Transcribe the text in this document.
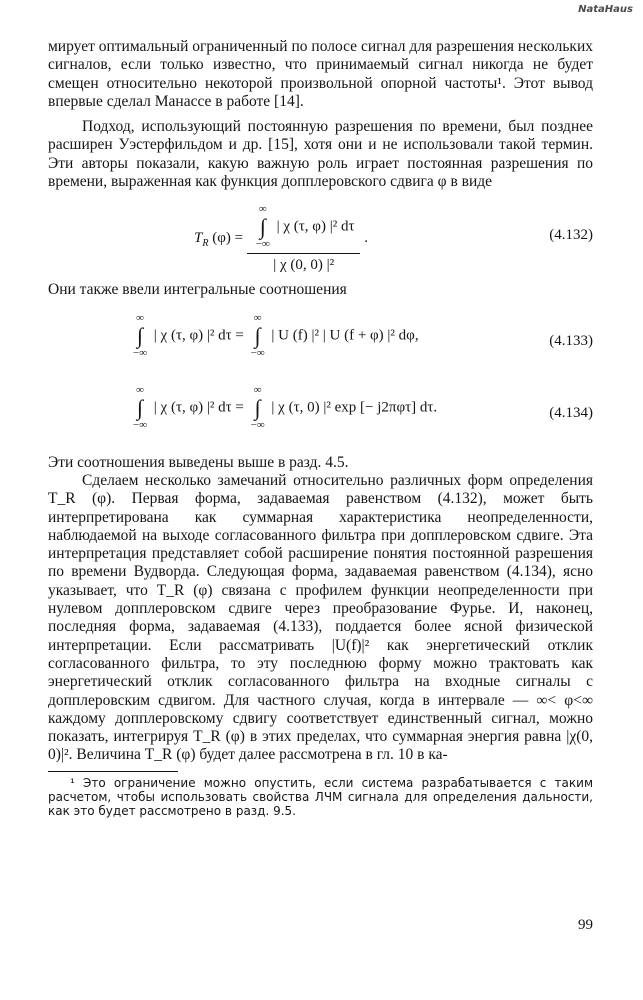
NataHaus

мирует оптимальный ограниченный по полосе сигнал для разрешения нескольких сигналов, если только известно, что принимаемый сигнал никогда не будет смещен относительно некоторой произвольной опорной частоты¹. Этот вывод впервые сделал Манассе в работе [14].

Подход, использующий постоянную разрешения по времени, был позднее расширен Уэстерфильдом и др. [15], хотя они и не использовали такой термин. Эти авторы показали, какую важную роль играет постоянная разрешения по времени, выраженная как функция допплеровского сдвига φ в виде

$T_R$ (φ) =
∞
∫
−∞
| χ (τ, φ) |² dτ
| χ (0, 0) |²
.	(4.132)

Они также ввели интегральные соотношения

∞
∫
−∞
| χ (τ, φ) |² dτ =
∞
∫
−∞
| U (f) |² | U (f + φ) |² dφ,	(4.133)
∞
∫
−∞
| χ (τ, φ) |² dτ =
∞
∫
−∞
| χ (τ, 0) |² exp [− j2πφτ] dτ.	(4.134)

Эти соотношения выведены выше в разд. 4.5.

Сделаем несколько замечаний относительно различных форм определения T_R (φ). Первая форма, задаваемая равенством (4.132), может быть интерпретирована как суммарная характеристика неопределенности, наблюдаемой на выходе согласованного фильтра при допплеровском сдвиге. Эта интерпретация представляет собой расширение понятия постоянной разрешения по времени Вудворда. Следующая форма, задаваемая равенством (4.134), ясно указывает, что T_R (φ) связана с профилем функции неопределенности при нулевом допплеровском сдвиге через преобразование Фурье. И, наконец, последняя форма, задаваемая (4.133), поддается более ясной физической интерпретации. Если рассматривать |U(f)|² как энергетический отклик согласованного фильтра, то эту последнюю форму можно трактовать как энергетический отклик согласованного фильтра на входные сигналы с допплеровским сдвигом. Для частного случая, когда в интервале — ∞< φ<∞ каждому допплеровскому сдвигу соответствует единственный сигнал, можно показать, интегрируя T_R (φ) в этих пределах, что суммарная энергия равна |χ(0, 0)|². Величина T_R (φ) будет далее рассмотрена в гл. 10 в ка-

¹ Это ограничение можно опустить, если система разрабатывается с таким расчетом, чтобы использовать свойства ЛЧМ сигнала для определения дальности, как это будет рассмотрено в разд. 9.5.

99
